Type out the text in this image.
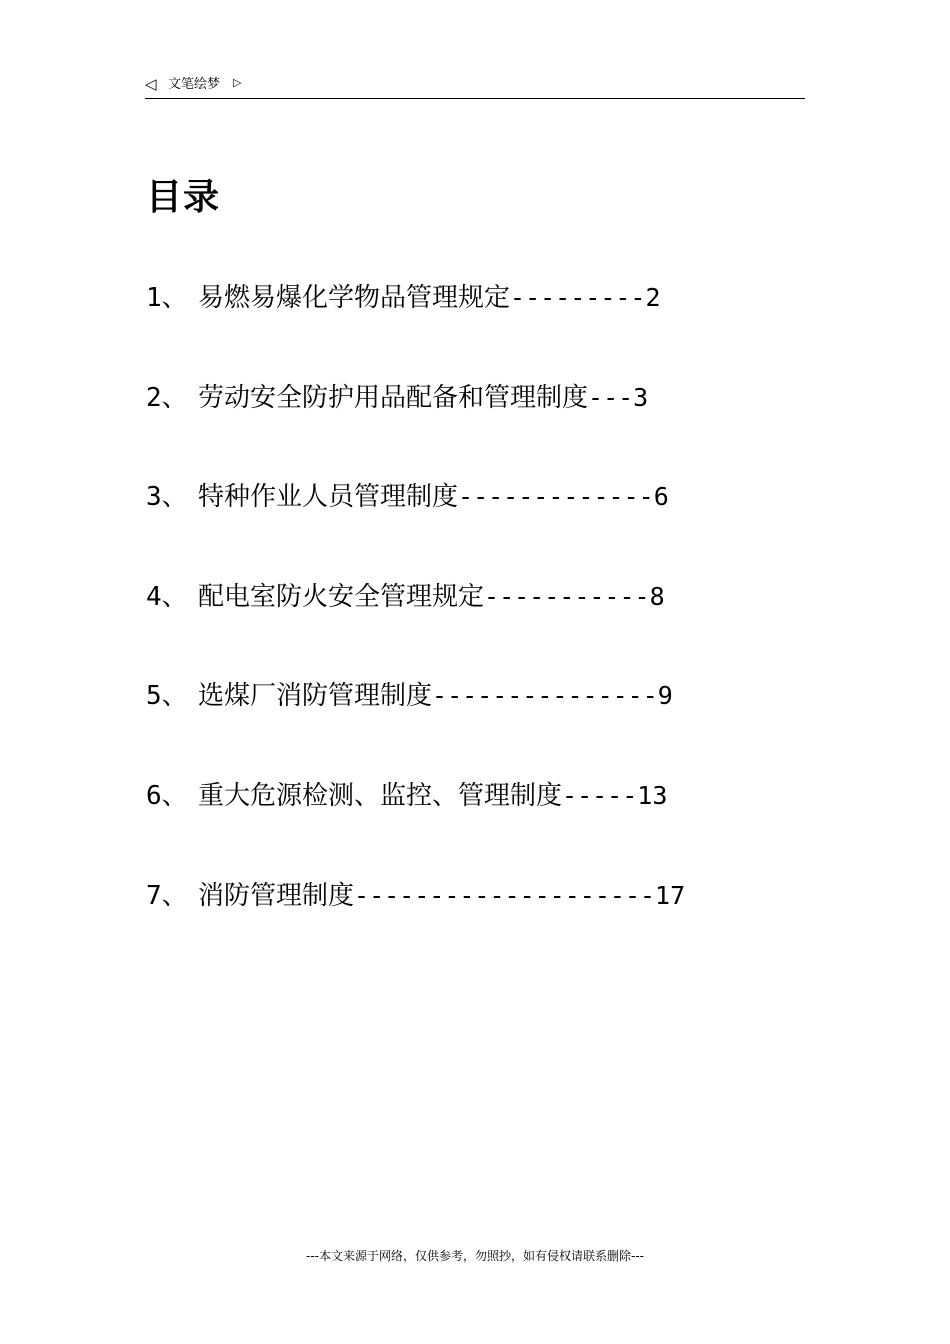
◁ 文笔绘梦 ▷
目录
1、 易燃易爆化学物品管理规定---------2
2、 劳动安全防护用品配备和管理制度---3
3、 特种作业人员管理制度-------------6
4、 配电室防火安全管理规定-----------8
5、 选煤厂消防管理制度---------------9
6、 重大危源检测、监控、管理制度-----13
7、 消防管理制度--------------------17
---本文来源于网络，仅供参考，勿照抄，如有侵权请联系删除---
